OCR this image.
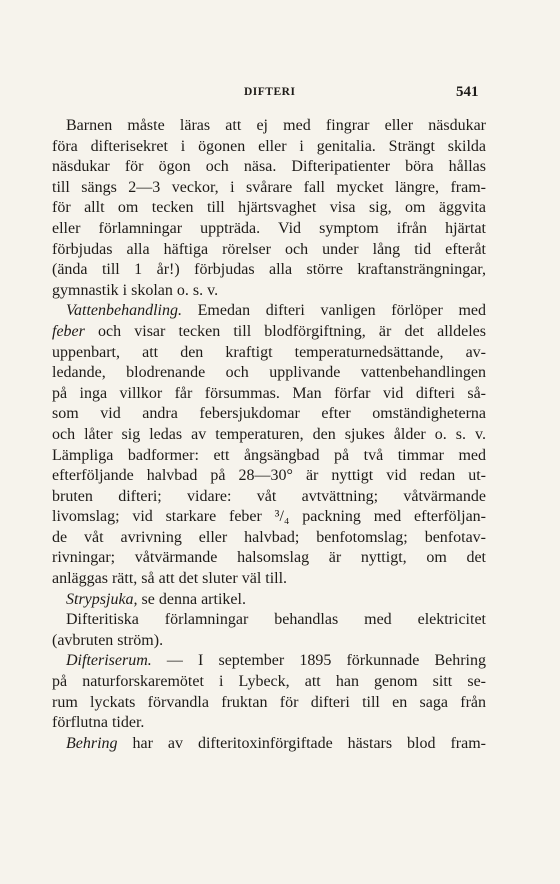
DIFTERI	541
Barnen måste läras att ej med fingrar eller näsdukar
föra difterisekret i ögonen eller i genitalia. Strängt skilda
näsdukar för ögon och näsa. Difteripatienter böra hållas
till sängs 2—3 veckor, i svårare fall mycket längre, fram-
för allt om tecken till hjärtsvaghet visa sig, om äggvita
eller förlamningar uppträda. Vid symptom ifrån hjärtat
förbjudas alla häftiga rörelser och under lång tid efteråt
(ända till 1 år!) förbjudas alla större kraftansträngningar,
gymnastik i skolan o. s. v.
Vattenbehandling. Emedan difteri vanligen förlöper med
feber och visar tecken till blodförgiftning, är det alldeles
uppenbart, att den kraftigt temperaturnedsättande, av-
ledande, blodrenande och upplivande vattenbehandlingen
på inga villkor får försummas. Man förfar vid difteri så-
som vid andra febersjukdomar efter omständigheterna
och låter sig ledas av temperaturen, den sjukes ålder o. s. v.
Lämpliga badformer: ett ångsängbad på två timmar med
efterföljande halvbad på 28—30° är nyttigt vid redan ut-
bruten difteri; vidare: våt avtvättning; våtvärmande
livomslag; vid starkare feber ³/₄ packning med efterföljan-
de våt avrivning eller halvbad; benfotomslag; benfotav-
rivningar; våtvärmande halsomslag är nyttigt, om det
anläggas rätt, så att det sluter väl till.
Strypsjuka, se denna artikel.
Difteritiska förlamningar behandlas med elektricitet
(avbruten ström).
Difteriserum. — I september 1895 förkunnade Behring
på naturforskaremötet i Lybeck, att han genom sitt se-
rum lyckats förvandla fruktan för difteri till en saga från
förflutna tider.
Behring har av difteritoxinförgiftade hästars blod fram-
